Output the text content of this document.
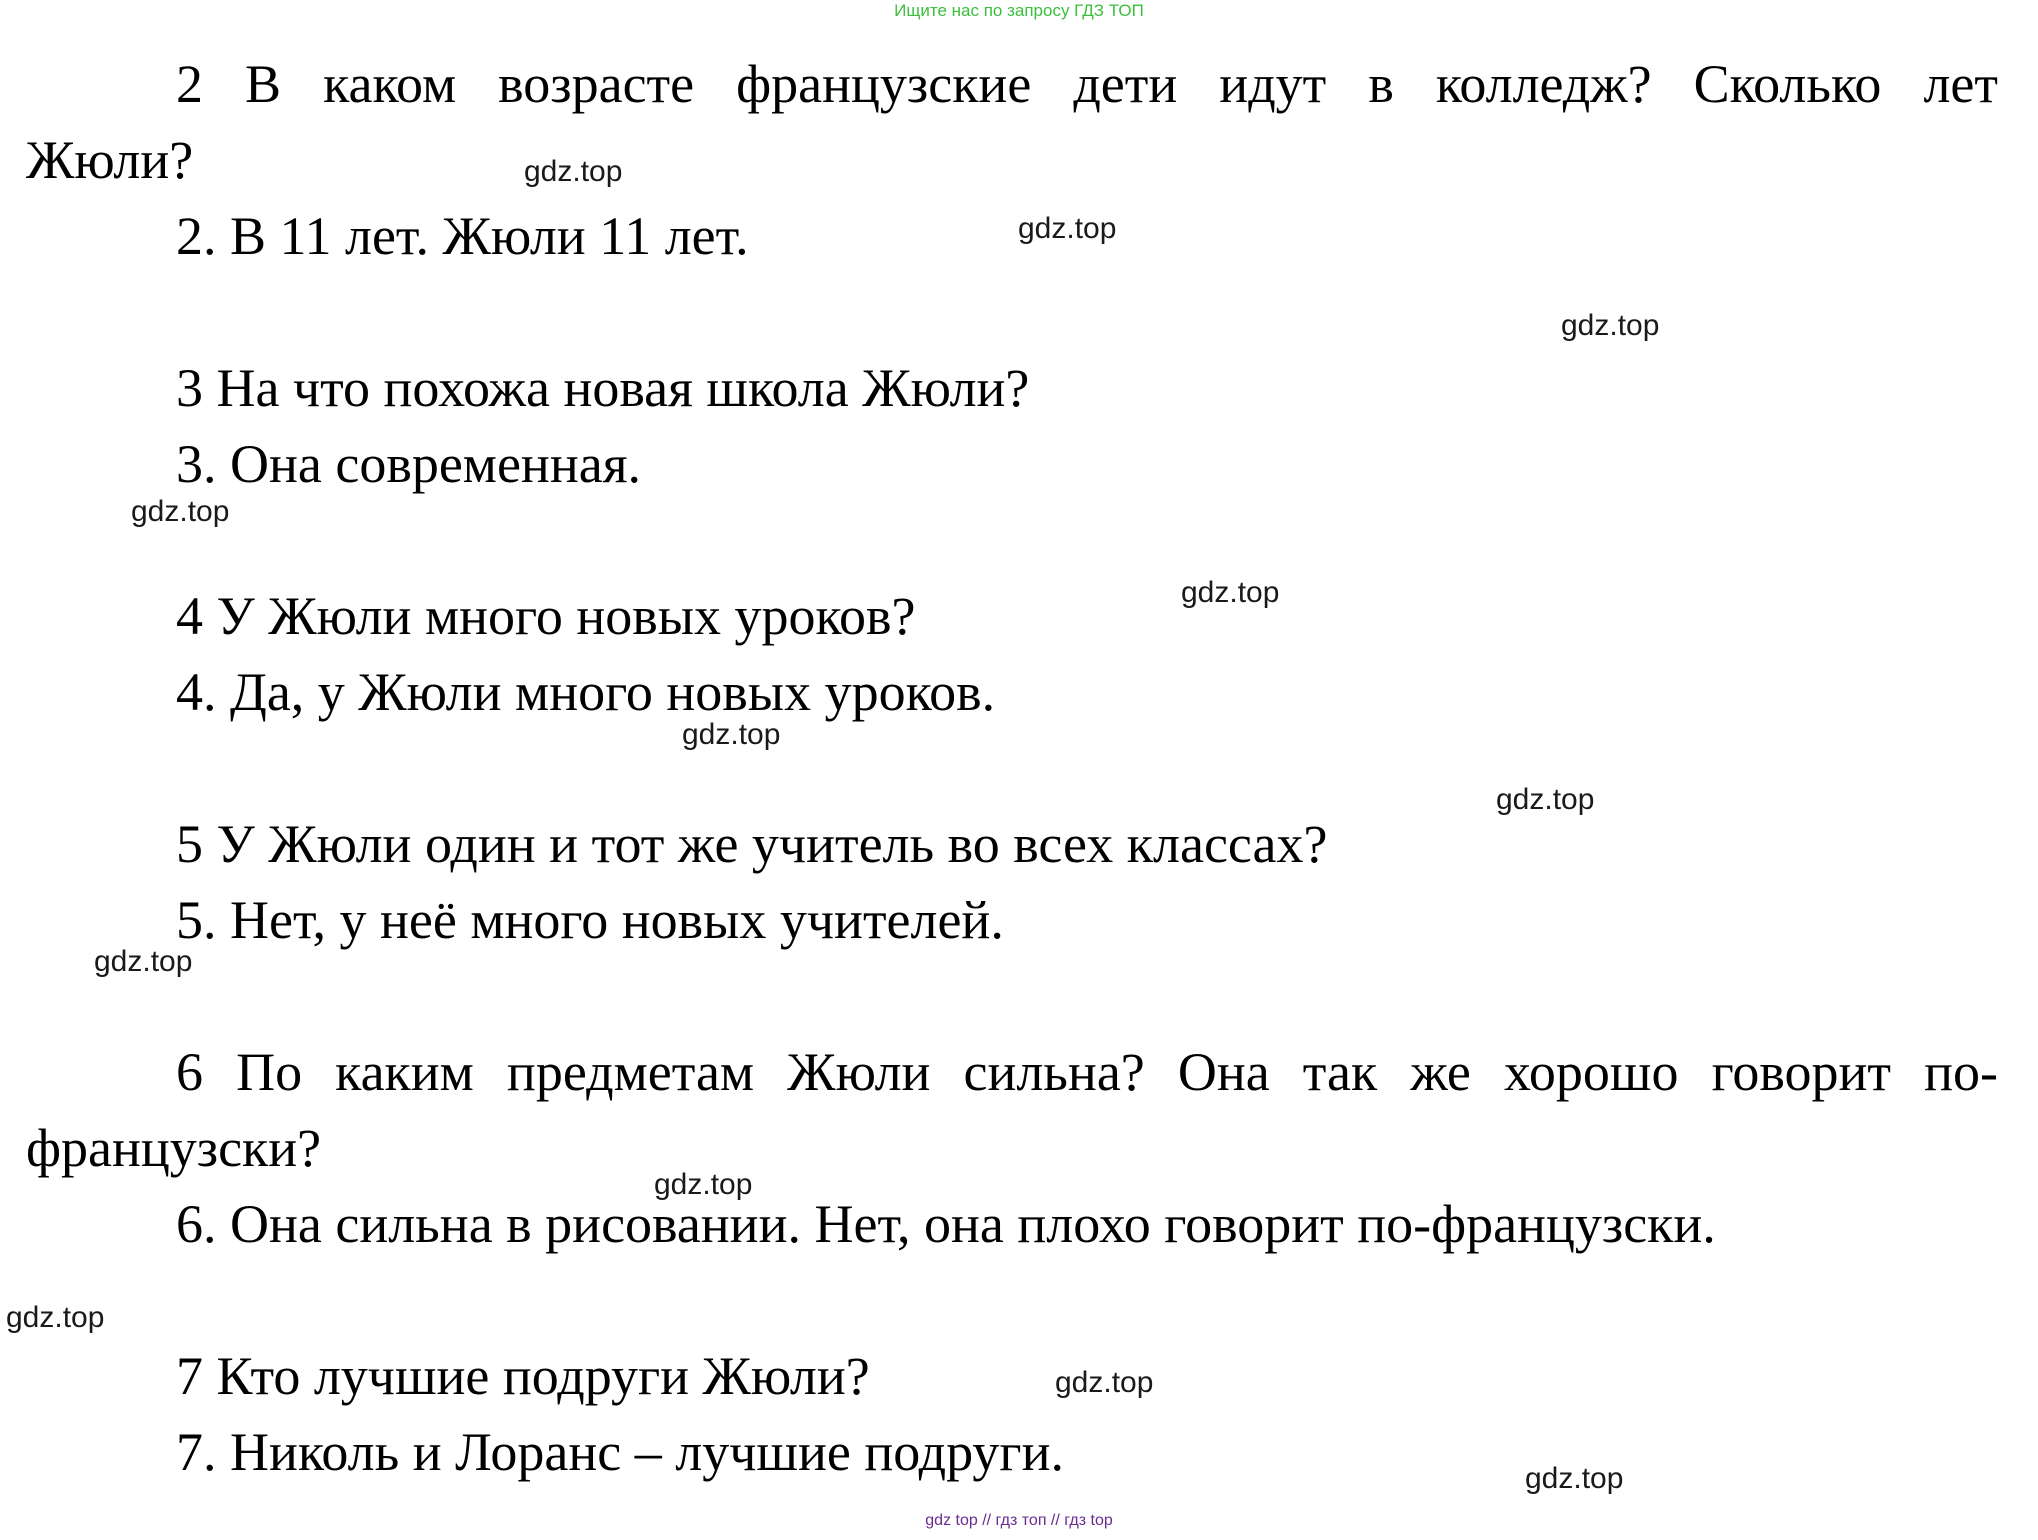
Ищите нас по запросу ГДЗ ТОП

2 В каком возрасте французские дети идут в колледж? Сколько лет

Жюли?

2. В 11 лет. Жюли 11 лет.

3 На что похожа новая школа Жюли?

3. Она современная.

4 У Жюли много новых уроков?

4. Да, у Жюли много новых уроков.

5 У Жюли один и тот же учитель во всех классах?

5. Нет, у неё много новых учителей.

6 По каким предметам Жюли сильна? Она так же хорошо говорит по-

французски?

6. Она сильна в рисовании. Нет, она плохо говорит по-французски.

7 Кто лучшие подруги Жюли?

7. Николь и Лоранс – лучшие подруги.

gdz.top
gdz.top
gdz.top
gdz.top
gdz.top
gdz.top
gdz.top
gdz.top
gdz.top
gdz.top
gdz.top
gdz.top
gdz top // гдз топ // гдз top
